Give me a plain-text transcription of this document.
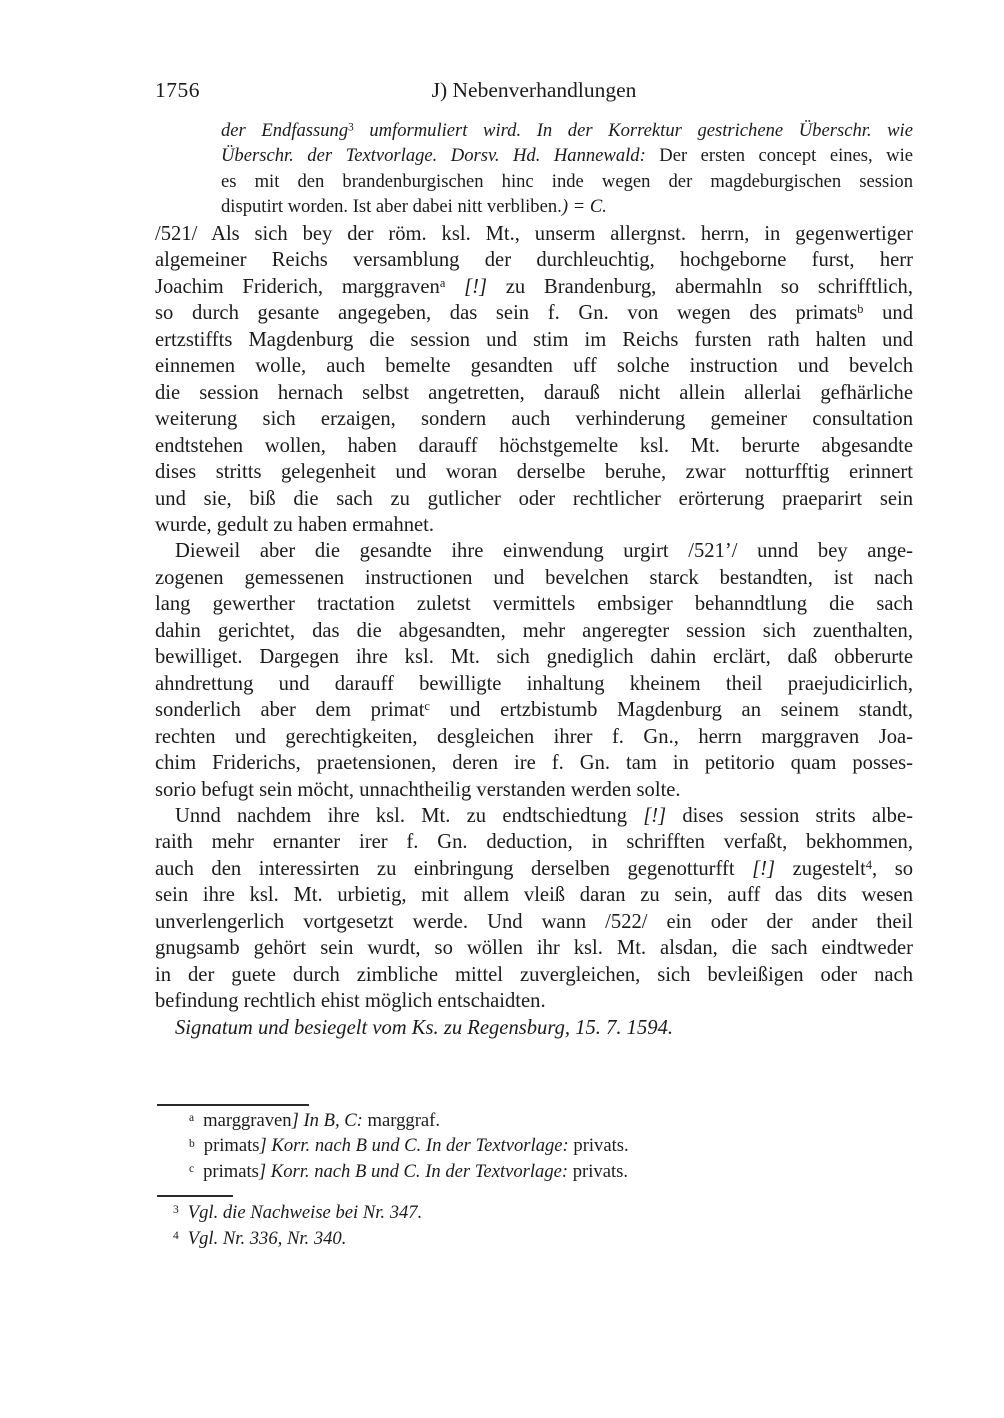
1756	J) Nebenverhandlungen
der Endfassung$^3$ umformuliert wird. In der Korrektur gestrichene Überschr. wie
Überschr. der Textvorlage. Dorsv. Hd. Hannewald: Der ersten concept eines, wie
es mit den brandenburgischen hinc inde wegen der magdeburgischen session
disputirt worden. Ist aber dabei nitt verbliben.) = C.
/521/ Als sich bey der röm. ksl. Mt., unserm allergnst. herrn, in gegenwertiger
algemeiner Reichs versamblung der durchleuchtig, hochgeborne furst, herr
Joachim Friderich, marggraven$^a$ [!] zu Brandenburg, abermahln so schrifftlich,
so durch gesante angegeben, das sein f. Gn. von wegen des primats$^b$ und
ertzstiffts Magdenburg die session und stim im Reichs fursten rath halten und
einnemen wolle, auch bemelte gesandten uff solche instruction und bevelch
die session hernach selbst angetretten, darauß nicht allein allerlai gefhärliche
weiterung sich erzaigen, sondern auch verhinderung gemeiner consultation
endtstehen wollen, haben darauff höchstgemelte ksl. Mt. berurte abgesandte
dises stritts gelegenheit und woran derselbe beruhe, zwar notturfftig erinnert
und sie, biß die sach zu gutlicher oder rechtlicher erörterung praeparirt sein
wurde, gedult zu haben ermahnet.
Dieweil aber die gesandte ihre einwendung urgirt /521’/ unnd bey ange-
zogenen gemessenen instructionen und bevelchen starck bestandten, ist nach
lang gewerther tractation zuletst vermittels embsiger behanndtlung die sach
dahin gerichtet, das die abgesandten, mehr angeregter session sich zuenthalten,
bewilliget. Dargegen ihre ksl. Mt. sich gnediglich dahin erclärt, daß obberurte
ahndrettung und darauff bewilligte inhaltung kheinem theil praejudicirlich,
sonderlich aber dem primat$^c$ und ertzbistumb Magdenburg an seinem standt,
rechten und gerechtigkeiten, desgleichen ihrer f. Gn., herrn marggraven Joa-
chim Friderichs, praetensionen, deren ire f. Gn. tam in petitorio quam posses-
sorio befugt sein möcht, unnachtheilig verstanden werden solte.
Unnd nachdem ihre ksl. Mt. zu endtschiedtung [!] dises session strits albe-
raith mehr ernanter irer f. Gn. deduction, in schrifften verfaßt, bekhommen,
auch den interessirten zu einbringung derselben gegenotturfft [!] zugestelt$^4$, so
sein ihre ksl. Mt. urbietig, mit allem vleiß daran zu sein, auff das dits wesen
unverlengerlich vortgesetzt werde. Und wann /522/ ein oder der ander theil
gnugsamb gehört sein wurdt, so wöllen ihr ksl. Mt. alsdan, die sach eindtweder
in der guete durch zimbliche mittel zuvergleichen, sich bevleißigen oder nach
befindung rechtlich ehist möglich entschaidten.
Signatum und besiegelt vom Ks. zu Regensburg, 15. 7. 1594.
$^a$ marggraven] In B, C: marggraf.
$^b$ primats] Korr. nach B und C. In der Textvorlage: privats.
$^c$ primats] Korr. nach B und C. In der Textvorlage: privats.
$^3$ Vgl. die Nachweise bei Nr. 347.
$^4$ Vgl. Nr. 336, Nr. 340.
